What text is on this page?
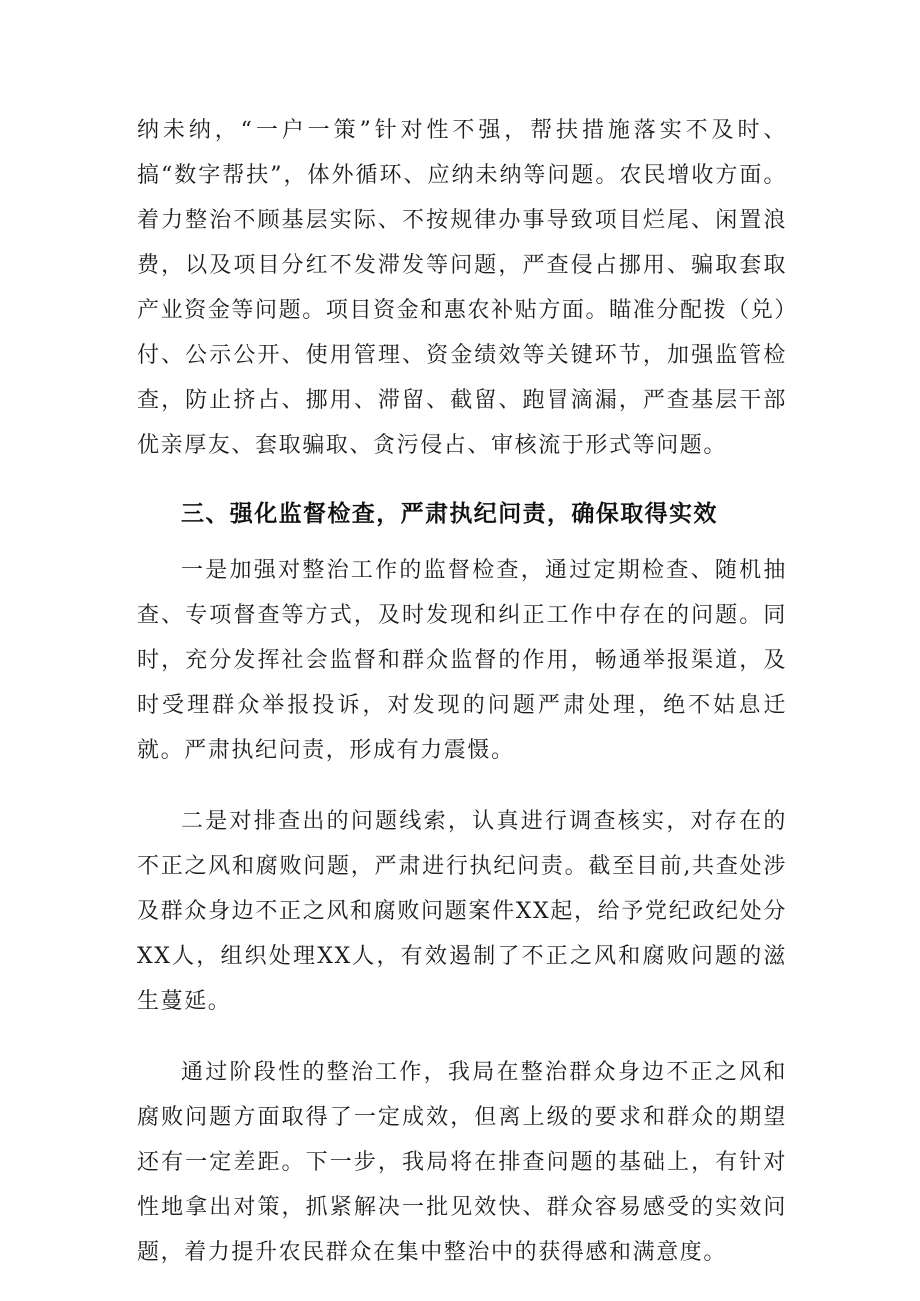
纳未纳，“一户一策”针对性不强，帮扶措施落实不及时、搞“数字帮扶”，体外循环、应纳未纳等问题。农民增收方面。着力整治不顾基层实际、不按规律办事导致项目烂尾、闲置浪费，以及项目分红不发滞发等问题，严查侵占挪用、骗取套取产业资金等问题。项目资金和惠农补贴方面。瞄准分配拨（兑）付、公示公开、使用管理、资金绩效等关键环节，加强监管检查，防止挤占、挪用、滞留、截留、跑冒滴漏，严查基层干部优亲厚友、套取骗取、贪污侵占、审核流于形式等问题。

三、强化监督检查，严肃执纪问责，确保取得实效

一是加强对整治工作的监督检查，通过定期检查、随机抽查、专项督查等方式，及时发现和纠正工作中存在的问题。同时，充分发挥社会监督和群众监督的作用，畅通举报渠道，及时受理群众举报投诉，对发现的问题严肃处理，绝不姑息迁就。严肃执纪问责，形成有力震慑。

二是对排查出的问题线索，认真进行调查核实，对存在的不正之风和腐败问题，严肃进行执纪问责。截至目前,共查处涉及群众身边不正之风和腐败问题案件XX起，给予党纪政纪处分XX人，组织处理XX人，有效遏制了不正之风和腐败问题的滋生蔓延。

通过阶段性的整治工作，我局在整治群众身边不正之风和腐败问题方面取得了一定成效，但离上级的要求和群众的期望还有一定差距。下一步，我局将在排查问题的基础上，有针对性地拿出对策，抓紧解决一批见效快、群众容易感受的实效问题，着力提升农民群众在集中整治中的获得感和满意度。
